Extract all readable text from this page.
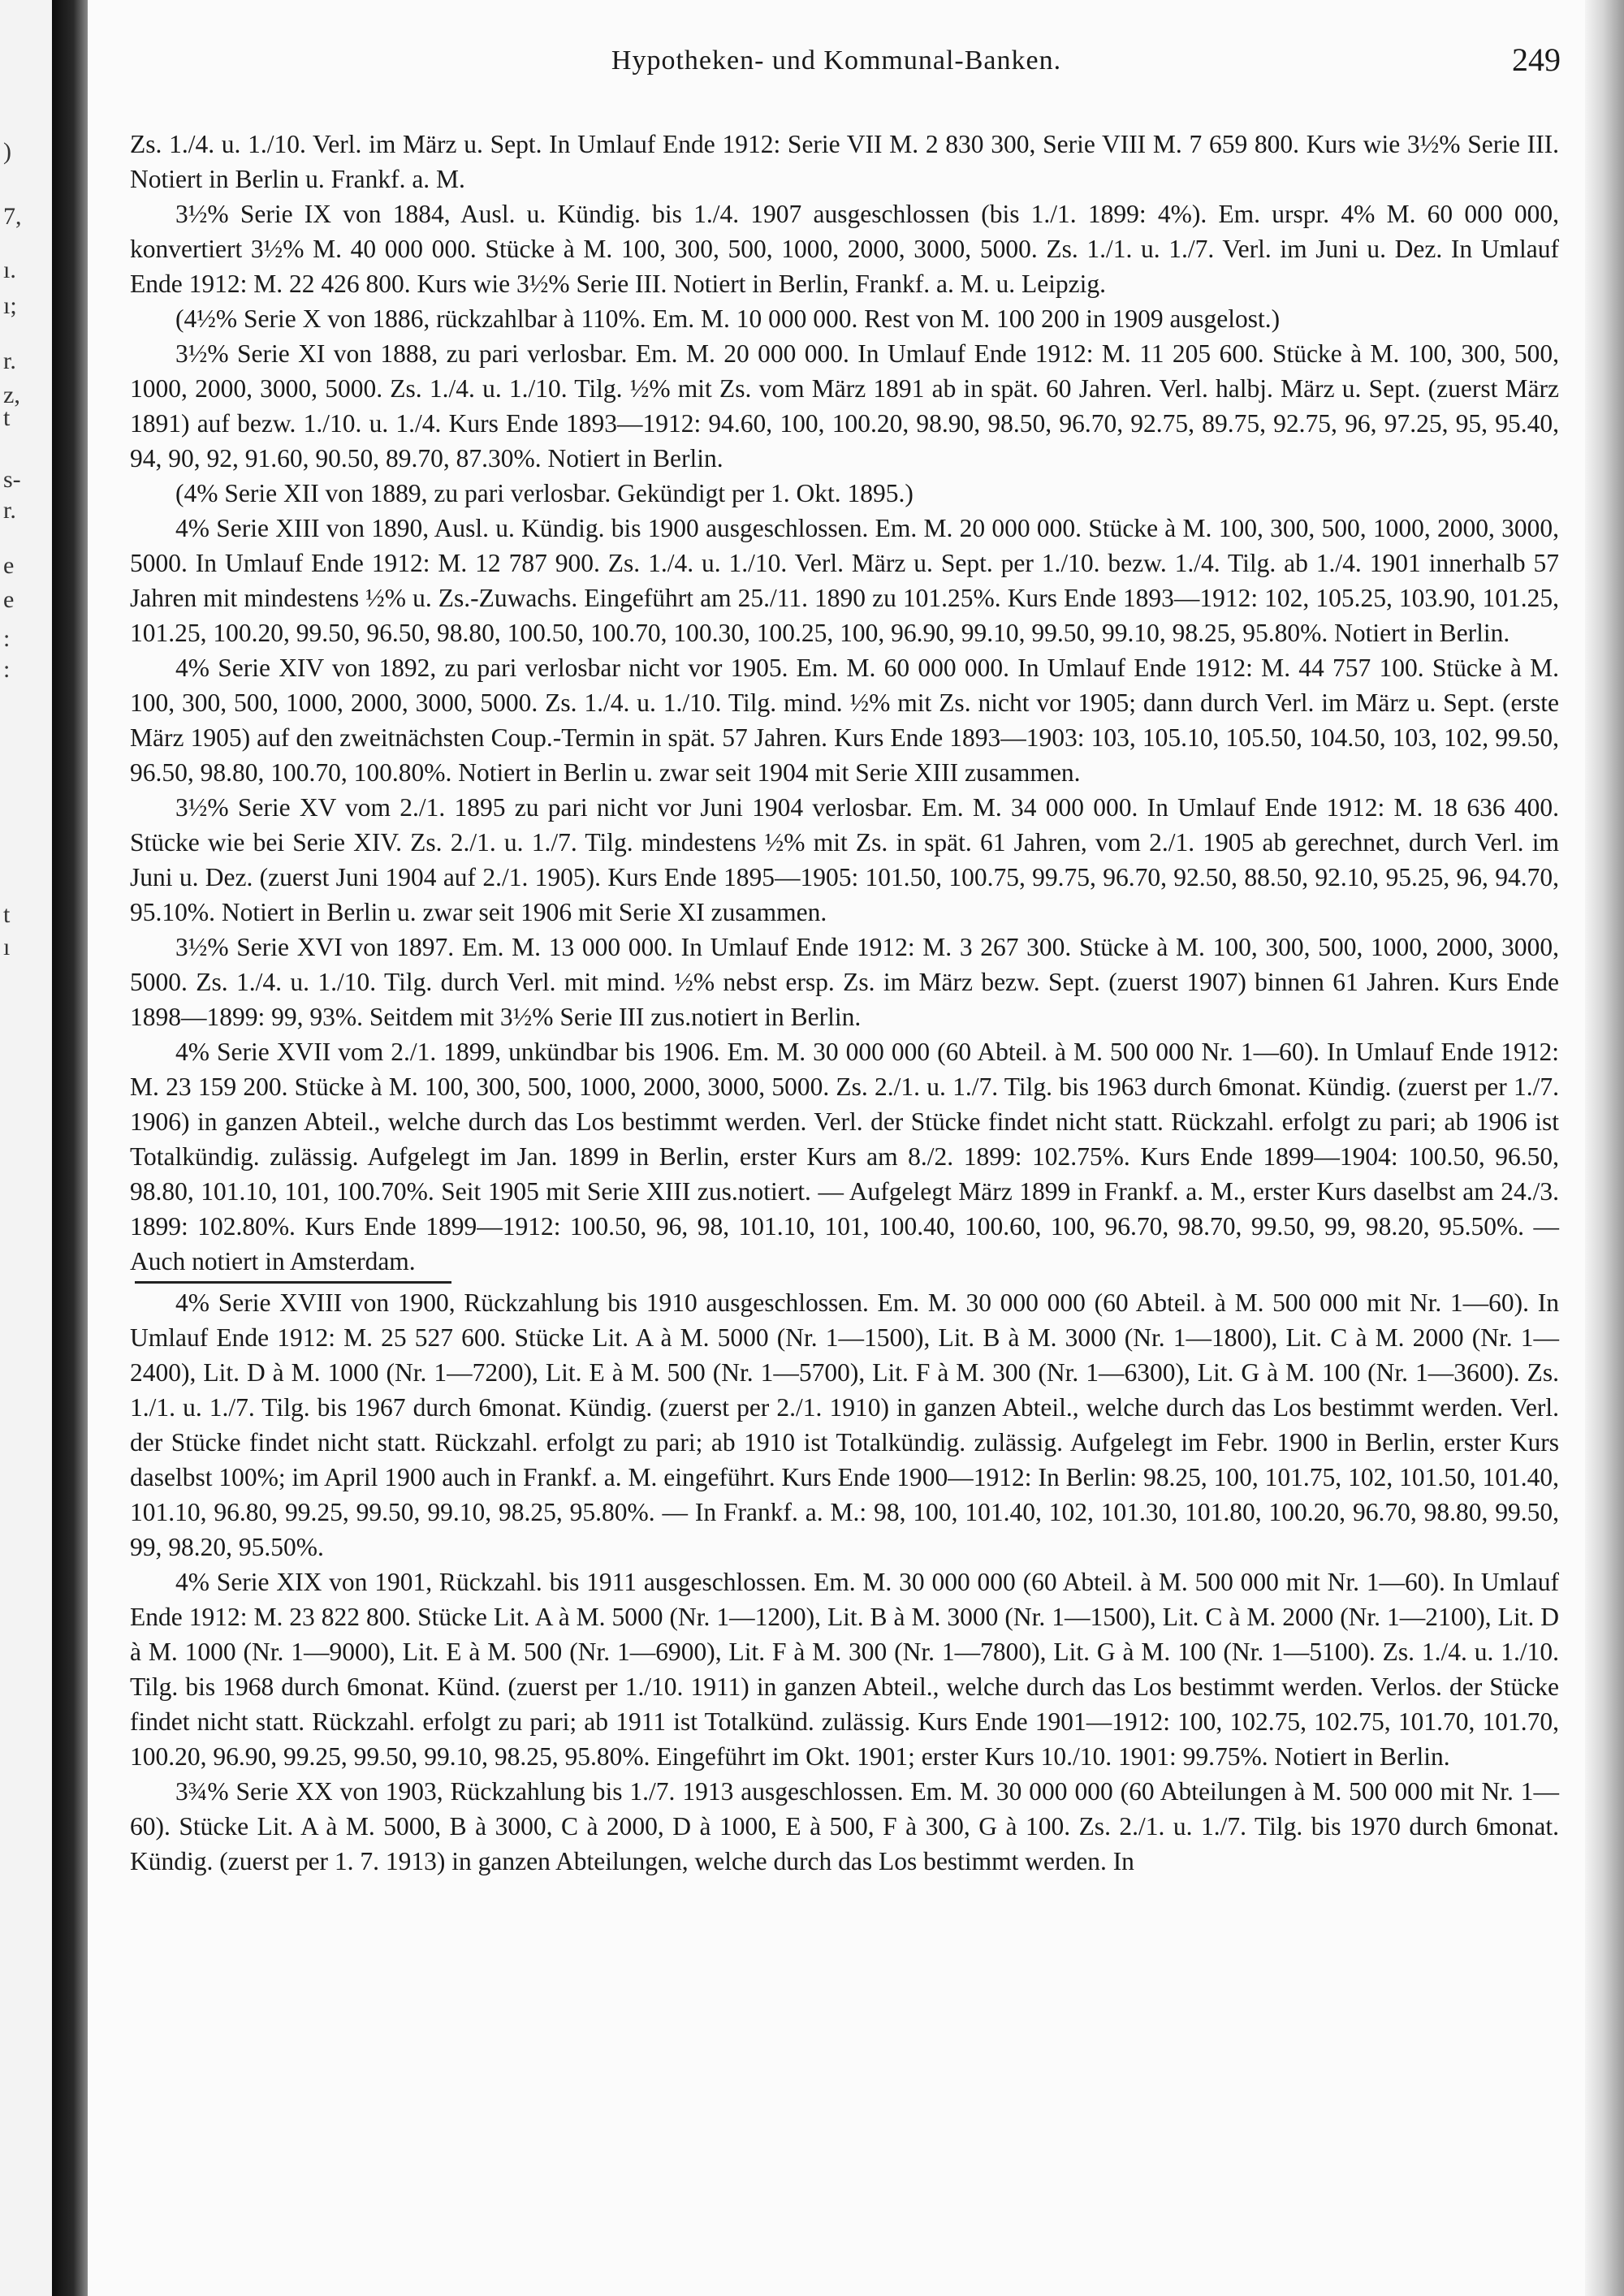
)
7,
ı.
ı;
r.
z,
t
s-
r.
e
e
:
:
t
ı
Hypotheken- und Kommunal-Banken.	249

Zs. 1./4. u. 1./10. Verl. im März u. Sept. In Umlauf Ende 1912: Serie VII M. 2 830 300, Serie VIII M. 7 659 800. Kurs wie 3½% Serie III. Notiert in Berlin u. Frankf. a. M.

3½% Serie IX von 1884, Ausl. u. Kündig. bis 1./4. 1907 ausgeschlossen (bis 1./1. 1899: 4%). Em. urspr. 4% M. 60 000 000, konvertiert 3½% M. 40 000 000. Stücke à M. 100, 300, 500, 1000, 2000, 3000, 5000. Zs. 1./1. u. 1./7. Verl. im Juni u. Dez. In Umlauf Ende 1912: M. 22 426 800. Kurs wie 3½% Serie III. Notiert in Berlin, Frankf. a. M. u. Leipzig.

(4½% Serie X von 1886, rückzahlbar à 110%. Em. M. 10 000 000. Rest von M. 100 200 in 1909 ausgelost.)

3½% Serie XI von 1888, zu pari verlosbar. Em. M. 20 000 000. In Umlauf Ende 1912: M. 11 205 600. Stücke à M. 100, 300, 500, 1000, 2000, 3000, 5000. Zs. 1./4. u. 1./10. Tilg. ½% mit Zs. vom März 1891 ab in spät. 60 Jahren. Verl. halbj. März u. Sept. (zuerst März 1891) auf bezw. 1./10. u. 1./4. Kurs Ende 1893—1912: 94.60, 100, 100.20, 98.90, 98.50, 96.70, 92.75, 89.75, 92.75, 96, 97.25, 95, 95.40, 94, 90, 92, 91.60, 90.50, 89.70, 87.30%. Notiert in Berlin.

(4% Serie XII von 1889, zu pari verlosbar. Gekündigt per 1. Okt. 1895.)

4% Serie XIII von 1890, Ausl. u. Kündig. bis 1900 ausgeschlossen. Em. M. 20 000 000. Stücke à M. 100, 300, 500, 1000, 2000, 3000, 5000. In Umlauf Ende 1912: M. 12 787 900. Zs. 1./4. u. 1./10. Verl. März u. Sept. per 1./10. bezw. 1./4. Tilg. ab 1./4. 1901 innerhalb 57 Jahren mit mindestens ½% u. Zs.-Zuwachs. Eingeführt am 25./11. 1890 zu 101.25%. Kurs Ende 1893—1912: 102, 105.25, 103.90, 101.25, 101.25, 100.20, 99.50, 96.50, 98.80, 100.50, 100.70, 100.30, 100.25, 100, 96.90, 99.10, 99.50, 99.10, 98.25, 95.80%. Notiert in Berlin.

4% Serie XIV von 1892, zu pari verlosbar nicht vor 1905. Em. M. 60 000 000. In Umlauf Ende 1912: M. 44 757 100. Stücke à M. 100, 300, 500, 1000, 2000, 3000, 5000. Zs. 1./4. u. 1./10. Tilg. mind. ½% mit Zs. nicht vor 1905; dann durch Verl. im März u. Sept. (erste März 1905) auf den zweitnächsten Coup.-Termin in spät. 57 Jahren. Kurs Ende 1893—1903: 103, 105.10, 105.50, 104.50, 103, 102, 99.50, 96.50, 98.80, 100.70, 100.80%. Notiert in Berlin u. zwar seit 1904 mit Serie XIII zusammen.

3½% Serie XV vom 2./1. 1895 zu pari nicht vor Juni 1904 verlosbar. Em. M. 34 000 000. In Umlauf Ende 1912: M. 18 636 400. Stücke wie bei Serie XIV. Zs. 2./1. u. 1./7. Tilg. mindestens ½% mit Zs. in spät. 61 Jahren, vom 2./1. 1905 ab gerechnet, durch Verl. im Juni u. Dez. (zuerst Juni 1904 auf 2./1. 1905). Kurs Ende 1895—1905: 101.50, 100.75, 99.75, 96.70, 92.50, 88.50, 92.10, 95.25, 96, 94.70, 95.10%. Notiert in Berlin u. zwar seit 1906 mit Serie XI zusammen.

3½% Serie XVI von 1897. Em. M. 13 000 000. In Umlauf Ende 1912: M. 3 267 300. Stücke à M. 100, 300, 500, 1000, 2000, 3000, 5000. Zs. 1./4. u. 1./10. Tilg. durch Verl. mit mind. ½% nebst ersp. Zs. im März bezw. Sept. (zuerst 1907) binnen 61 Jahren. Kurs Ende 1898—1899: 99, 93%. Seitdem mit 3½% Serie III zus.notiert in Berlin.

4% Serie XVII vom 2./1. 1899, unkündbar bis 1906. Em. M. 30 000 000 (60 Abteil. à M. 500 000 Nr. 1—60). In Umlauf Ende 1912: M. 23 159 200. Stücke à M. 100, 300, 500, 1000, 2000, 3000, 5000. Zs. 2./1. u. 1./7. Tilg. bis 1963 durch 6monat. Kündig. (zuerst per 1./7. 1906) in ganzen Abteil., welche durch das Los bestimmt werden. Verl. der Stücke findet nicht statt. Rückzahl. erfolgt zu pari; ab 1906 ist Totalkündig. zulässig. Aufgelegt im Jan. 1899 in Berlin, erster Kurs am 8./2. 1899: 102.75%. Kurs Ende 1899—1904: 100.50, 96.50, 98.80, 101.10, 101, 100.70%. Seit 1905 mit Serie XIII zus.notiert. — Aufgelegt März 1899 in Frankf. a. M., erster Kurs daselbst am 24./3. 1899: 102.80%. Kurs Ende 1899—1912: 100.50, 96, 98, 101.10, 101, 100.40, 100.60, 100, 96.70, 98.70, 99.50, 99, 98.20, 95.50%. — Auch notiert in Amsterdam.

4% Serie XVIII von 1900, Rückzahlung bis 1910 ausgeschlossen. Em. M. 30 000 000 (60 Abteil. à M. 500 000 mit Nr. 1—60). In Umlauf Ende 1912: M. 25 527 600. Stücke Lit. A à M. 5000 (Nr. 1—1500), Lit. B à M. 3000 (Nr. 1—1800), Lit. C à M. 2000 (Nr. 1—2400), Lit. D à M. 1000 (Nr. 1—7200), Lit. E à M. 500 (Nr. 1—5700), Lit. F à M. 300 (Nr. 1—6300), Lit. G à M. 100 (Nr. 1—3600). Zs. 1./1. u. 1./7. Tilg. bis 1967 durch 6monat. Kündig. (zuerst per 2./1. 1910) in ganzen Abteil., welche durch das Los bestimmt werden. Verl. der Stücke findet nicht statt. Rückzahl. erfolgt zu pari; ab 1910 ist Totalkündig. zulässig. Aufgelegt im Febr. 1900 in Berlin, erster Kurs daselbst 100%; im April 1900 auch in Frankf. a. M. eingeführt. Kurs Ende 1900—1912: In Berlin: 98.25, 100, 101.75, 102, 101.50, 101.40, 101.10, 96.80, 99.25, 99.50, 99.10, 98.25, 95.80%. — In Frankf. a. M.: 98, 100, 101.40, 102, 101.30, 101.80, 100.20, 96.70, 98.80, 99.50, 99, 98.20, 95.50%.

4% Serie XIX von 1901, Rückzahl. bis 1911 ausgeschlossen. Em. M. 30 000 000 (60 Abteil. à M. 500 000 mit Nr. 1—60). In Umlauf Ende 1912: M. 23 822 800. Stücke Lit. A à M. 5000 (Nr. 1—1200), Lit. B à M. 3000 (Nr. 1—1500), Lit. C à M. 2000 (Nr. 1—2100), Lit. D à M. 1000 (Nr. 1—9000), Lit. E à M. 500 (Nr. 1—6900), Lit. F à M. 300 (Nr. 1—7800), Lit. G à M. 100 (Nr. 1—5100). Zs. 1./4. u. 1./10. Tilg. bis 1968 durch 6monat. Künd. (zuerst per 1./10. 1911) in ganzen Abteil., welche durch das Los bestimmt werden. Verlos. der Stücke findet nicht statt. Rückzahl. erfolgt zu pari; ab 1911 ist Totalkünd. zulässig. Kurs Ende 1901—1912: 100, 102.75, 102.75, 101.70, 101.70, 100.20, 96.90, 99.25, 99.50, 99.10, 98.25, 95.80%. Eingeführt im Okt. 1901; erster Kurs 10./10. 1901: 99.75%. Notiert in Berlin.

3¾% Serie XX von 1903, Rückzahlung bis 1./7. 1913 ausgeschlossen. Em. M. 30 000 000 (60 Abteilungen à M. 500 000 mit Nr. 1—60). Stücke Lit. A à M. 5000, B à 3000, C à 2000, D à 1000, E à 500, F à 300, G à 100. Zs. 2./1. u. 1./7. Tilg. bis 1970 durch 6monat. Kündig. (zuerst per 1. 7. 1913) in ganzen Abteilungen, welche durch das Los bestimmt werden. In
